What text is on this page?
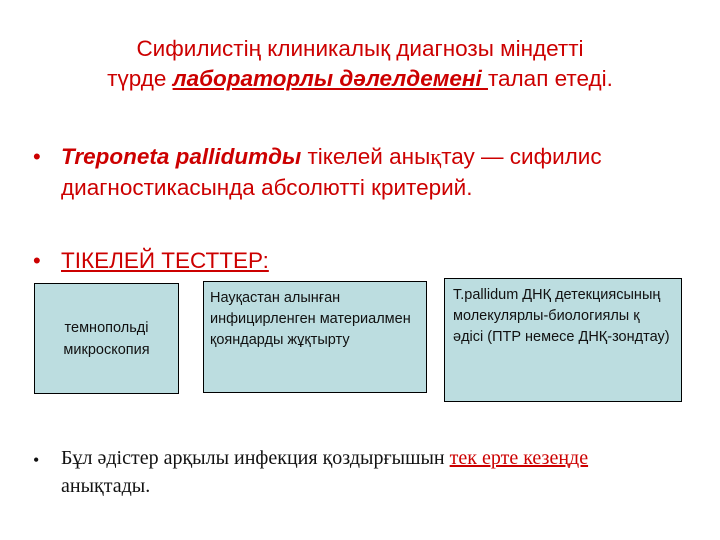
Сифилистің клиникалық диагнозы міндетті
түрде лабораторлы дәлелдемені талап етеді.
• Treponeta pallidumды тікелей анықтау — сифилис диагностикасында абсолютті критерий.
• ТІКЕЛЕЙ ТЕСТТЕР:
темнопольді микроскопия
Науқастан алынған инфицирленген материалмен қояндарды жұқтырту
T.pallidum ДНҚ детекциясының молекулярлы-биологиялы қ әдісі (ПТР немесе ДНҚ-зондтау)
• Бұл әдістер арқылы инфекция қоздырғышын тек ерте кезеңде анықтады.
